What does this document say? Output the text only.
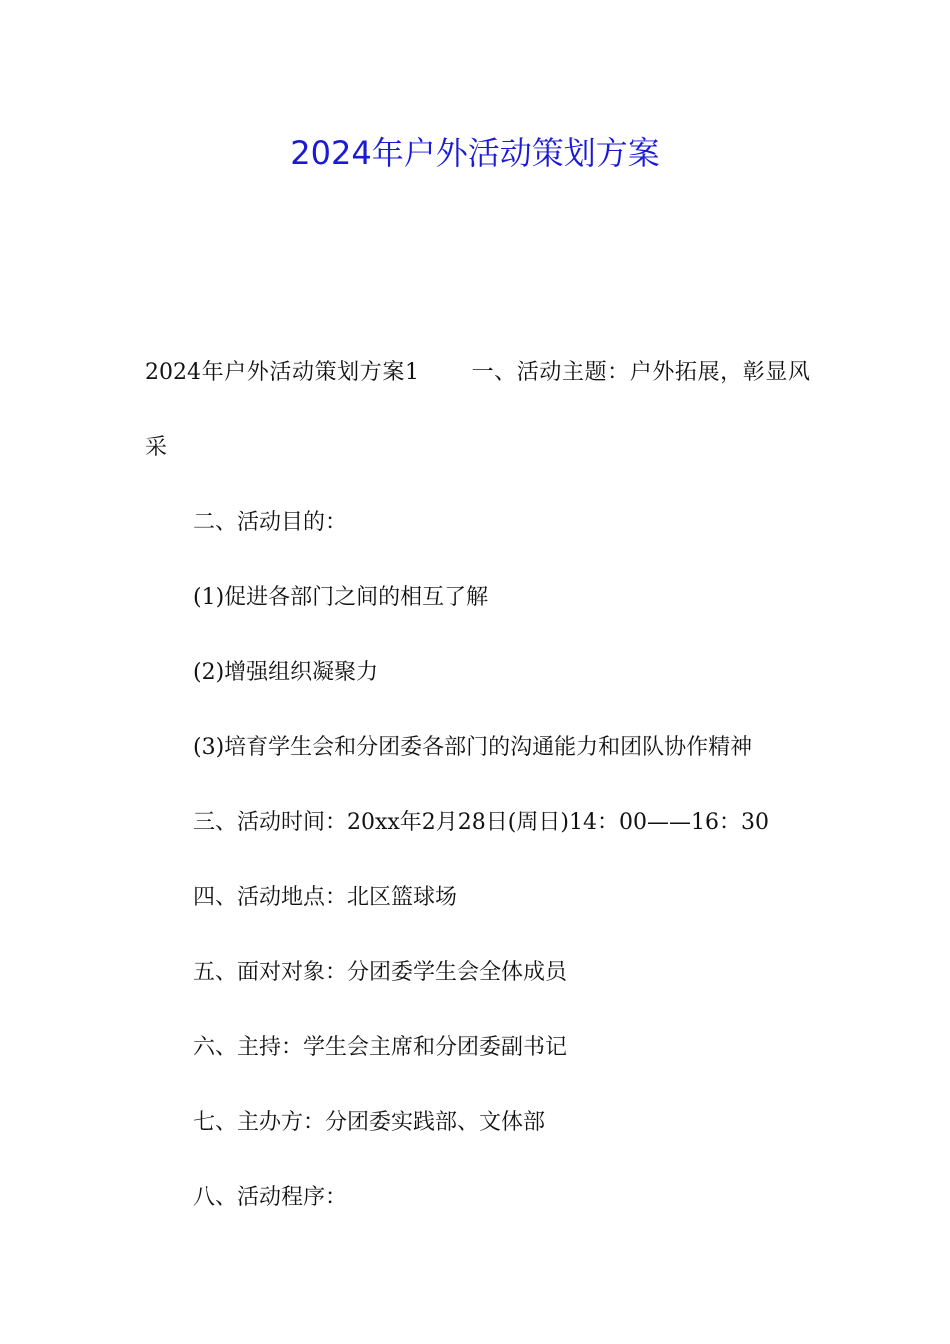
2024年户外活动策划方案

2024年户外活动策划方案1 一、活动主题：户外拓展，彰显风采

二、活动目的：

(1)促进各部门之间的相互了解

(2)增强组织凝聚力

(3)培育学生会和分团委各部门的沟通能力和团队协作精神

三、活动时间：20xx年2月28日(周日)14：00——16：30

四、活动地点：北区篮球场

五、面对对象：分团委学生会全体成员

六、主持：学生会主席和分团委副书记

七、主办方：分团委实践部、文体部

八、活动程序：
